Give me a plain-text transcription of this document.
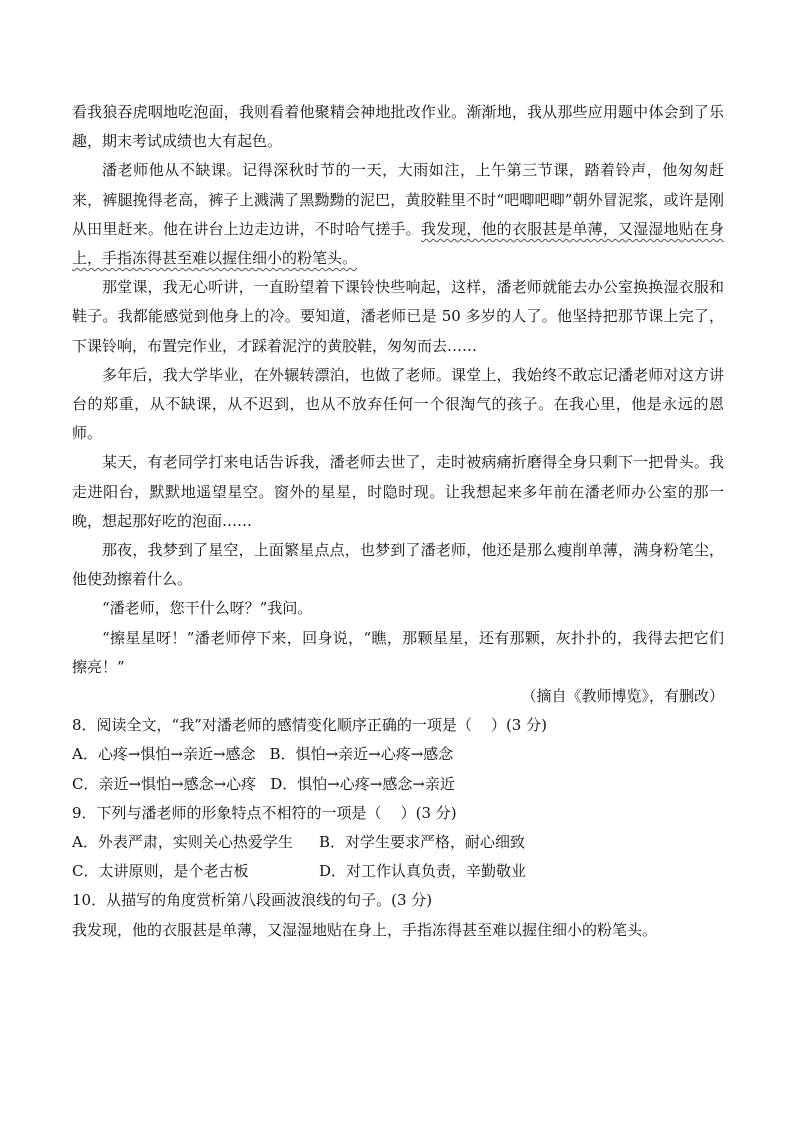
看我狼吞虎咽地吃泡面，我则看着他聚精会神地批改作业。渐渐地，我从那些应用题中体会到了乐趣，期末考试成绩也大有起色。

潘老师他从不缺课。记得深秋时节的一天，大雨如注，上午第三节课，踏着铃声，他匆匆赶来，裤腿挽得老高，裤子上溅满了黑黝黝的泥巴，黄胶鞋里不时“吧唧吧唧”朝外冒泥浆，或许是刚从田里赶来。他在讲台上边走边讲，不时哈气搓手。我发现，他的衣服甚是单薄，又湿湿地贴在身上，手指冻得甚至难以握住细小的粉笔头。

那堂课，我无心听讲，一直盼望着下课铃快些响起，这样，潘老师就能去办公室换换湿衣服和鞋子。我都能感觉到他身上的冷。要知道，潘老师已是 50 多岁的人了。他坚持把那节课上完了，下课铃响，布置完作业，才踩着泥泞的黄胶鞋，匆匆而去……

多年后，我大学毕业，在外辗转漂泊，也做了老师。课堂上，我始终不敢忘记潘老师对这方讲台的郑重，从不缺课，从不迟到，也从不放弃任何一个很淘气的孩子。在我心里，他是永远的恩师。

某天，有老同学打来电话告诉我，潘老师去世了，走时被病痛折磨得全身只剩下一把骨头。我走进阳台，默默地遥望星空。窗外的星星，时隐时现。让我想起来多年前在潘老师办公室的那一晚，想起那好吃的泡面……

那夜，我梦到了星空，上面繁星点点，也梦到了潘老师，他还是那么瘦削单薄，满身粉笔尘，他使劲擦着什么。

“潘老师，您干什么呀？”我问。

“擦星星呀！”潘老师停下来，回身说，“瞧，那颗星星，还有那颗，灰扑扑的，我得去把它们擦亮！”

（摘自《教师博览》，有删改）

8．阅读全文，“我”对潘老师的感情变化顺序正确的一项是（    ）(3 分)

A．心疼→惧怕→亲近→感念 B．惧怕→亲近→心疼→感念
C．亲近→惧怕→感念→心疼 D．惧怕→心疼→感念→亲近

9．下列与潘老师的形象特点不相符的一项是（    ）(3 分)

A．外表严肃，实则关心热爱学生	B．对学生要求严格，耐心细致
C．太讲原则，是个老古板	D．对工作认真负责，辛勤敬业

10．从描写的角度赏析第八段画波浪线的句子。(3 分)

我发现，他的衣服甚是单薄，又湿湿地贴在身上，手指冻得甚至难以握住细小的粉笔头。
